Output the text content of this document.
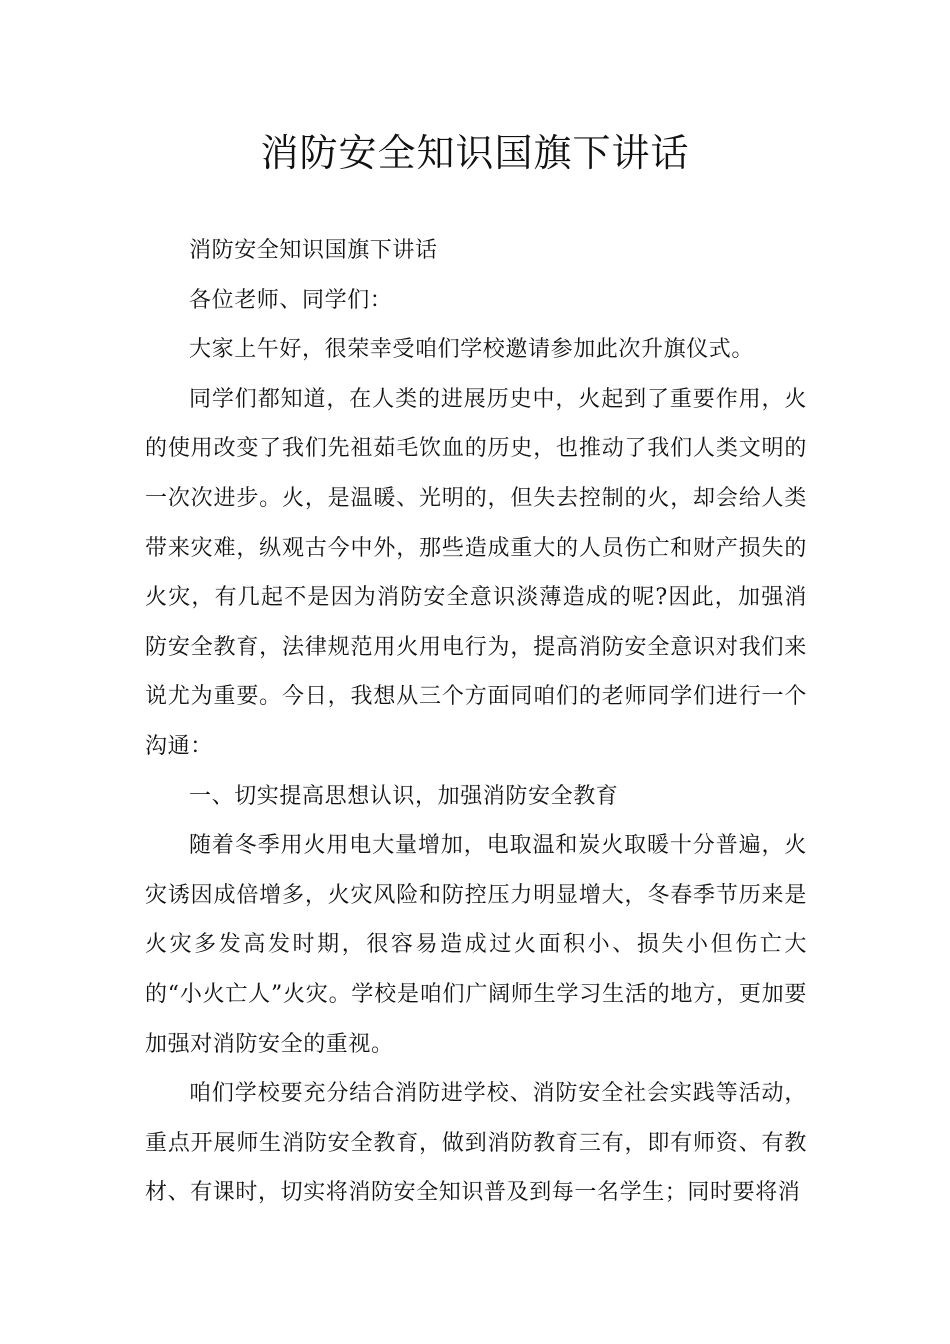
消防安全知识国旗下讲话

消防安全知识国旗下讲话

各位老师、同学们：

大家上午好，很荣幸受咱们学校邀请参加此次升旗仪式。

同学们都知道，在人类的进展历史中，火起到了重要作用，火的使用改变了我们先祖茹毛饮血的历史，也推动了我们人类文明的一次次进步。火，是温暖、光明的，但失去控制的火，却会给人类带来灾难，纵观古今中外，那些造成重大的人员伤亡和财产损失的火灾，有几起不是因为消防安全意识淡薄造成的呢?因此，加强消防安全教育，法律规范用火用电行为，提高消防安全意识对我们来说尤为重要。今日，我想从三个方面同咱们的老师同学们进行一个沟通：

一、切实提高思想认识，加强消防安全教育

随着冬季用火用电大量增加，电取温和炭火取暖十分普遍，火灾诱因成倍增多，火灾风险和防控压力明显增大，冬春季节历来是火灾多发高发时期，很容易造成过火面积小、损失小但伤亡大的“小火亡人”火灾。学校是咱们广阔师生学习生活的地方，更加要加强对消防安全的重视。

咱们学校要充分结合消防进学校、消防安全社会实践等活动，重点开展师生消防安全教育，做到消防教育三有，即有师资、有教材、有课时，切实将消防安全知识普及到每一名学生；同时要将消
